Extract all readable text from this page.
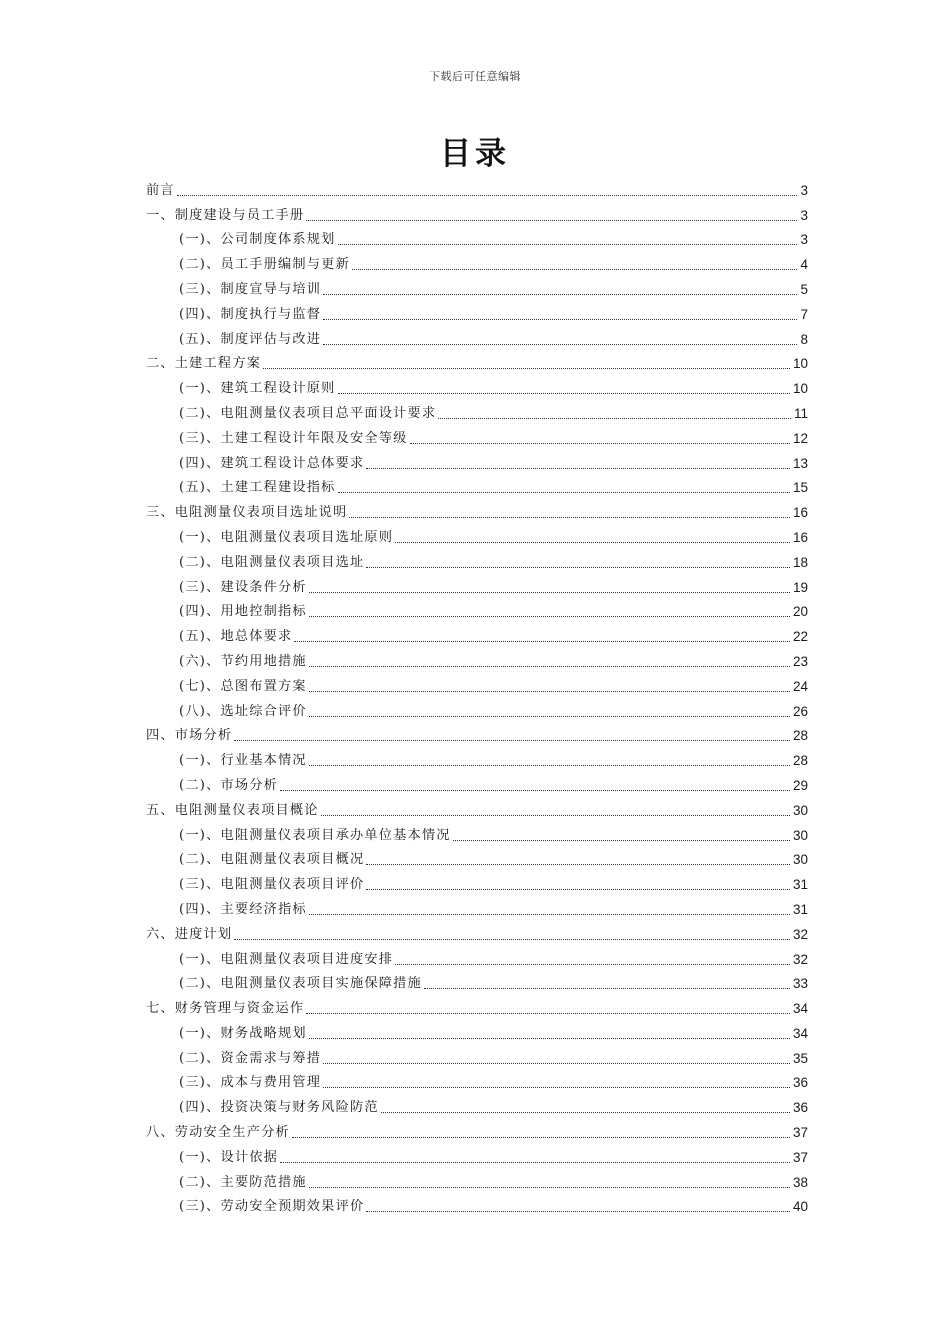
下载后可任意编辑
目录
前言	3
一、制度建设与员工手册	3
(一)、公司制度体系规划	3
(二)、员工手册编制与更新	4
(三)、制度宣导与培训	5
(四)、制度执行与监督	7
(五)、制度评估与改进	8
二、土建工程方案	10
(一)、建筑工程设计原则	10
(二)、电阻测量仪表项目总平面设计要求	11
(三)、土建工程设计年限及安全等级	12
(四)、建筑工程设计总体要求	13
(五)、土建工程建设指标	15
三、电阻测量仪表项目选址说明	16
(一)、电阻测量仪表项目选址原则	16
(二)、电阻测量仪表项目选址	18
(三)、建设条件分析	19
(四)、用地控制指标	20
(五)、地总体要求	22
(六)、节约用地措施	23
(七)、总图布置方案	24
(八)、选址综合评价	26
四、市场分析	28
(一)、行业基本情况	28
(二)、市场分析	29
五、电阻测量仪表项目概论	30
(一)、电阻测量仪表项目承办单位基本情况	30
(二)、电阻测量仪表项目概况	30
(三)、电阻测量仪表项目评价	31
(四)、主要经济指标	31
六、进度计划	32
(一)、电阻测量仪表项目进度安排	32
(二)、电阻测量仪表项目实施保障措施	33
七、财务管理与资金运作	34
(一)、财务战略规划	34
(二)、资金需求与筹措	35
(三)、成本与费用管理	36
(四)、投资决策与财务风险防范	36
八、劳动安全生产分析	37
(一)、设计依据	37
(二)、主要防范措施	38
(三)、劳动安全预期效果评价	40
